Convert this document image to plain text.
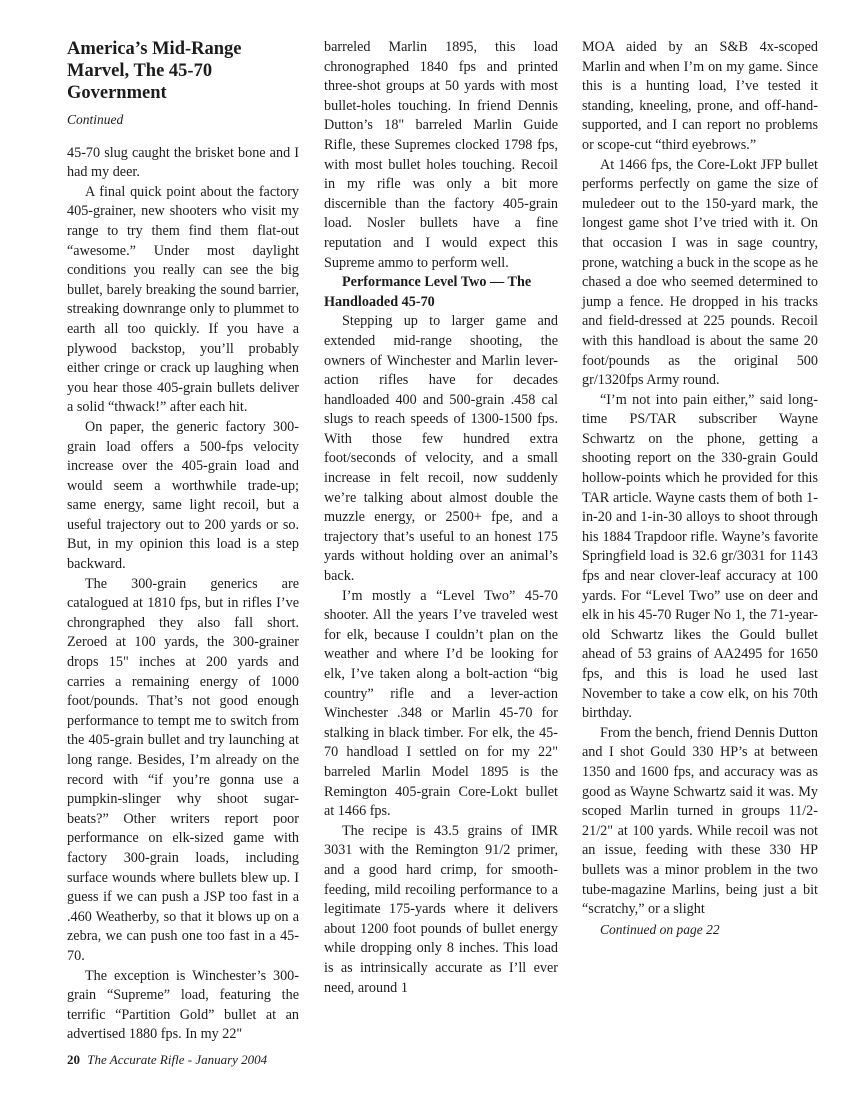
America’s Mid-Range Marvel, The 45-70 Government
Continued

45-70 slug caught the brisket bone and I had my deer.

A final quick point about the factory 405-grainer, new shooters who visit my range to try them find them flat-out “awesome.” Under most daylight conditions you really can see the big bullet, barely breaking the sound barrier, streaking downrange only to plummet to earth all too quickly. If you have a plywood backstop, you’ll probably either cringe or crack up laughing when you hear those 405-grain bullets deliver a solid “thwack!” after each hit.

On paper, the generic factory 300-grain load offers a 500-fps velocity increase over the 405-grain load and would seem a worthwhile trade-up; same energy, same light recoil, but a useful trajectory out to 200 yards or so. But, in my opinion this load is a step backward.

The 300-grain generics are catalogued at 1810 fps, but in rifles I’ve chrongraphed they also fall short. Zeroed at 100 yards, the 300-grainer drops 15" inches at 200 yards and carries a remaining energy of 1000 foot/pounds. That’s not good enough performance to tempt me to switch from the 405-grain bullet and try launching at long range. Besides, I’m already on the record with “if you’re gonna use a pumpkin-slinger why shoot sugar-beats?” Other writers report poor performance on elk-sized game with factory 300-grain loads, including surface wounds where bullets blew up. I guess if we can push a JSP too fast in a .460 Weatherby, so that it blows up on a zebra, we can push one too fast in a 45-70.

The exception is Winchester’s 300-grain “Supreme” load, featuring the terrific “Partition Gold” bullet at an advertised 1880 fps. In my 22"

barreled Marlin 1895, this load chronographed 1840 fps and printed three-shot groups at 50 yards with most bullet-holes touching. In friend Dennis Dutton’s 18" barreled Marlin Guide Rifle, these Supremes clocked 1798 fps, with most bullet holes touching. Recoil in my rifle was only a bit more discernible than the factory 405-grain load. Nosler bullets have a fine reputation and I would expect this Supreme ammo to perform well.

Performance Level Two — The Handloaded 45-70

Stepping up to larger game and extended mid-range shooting, the owners of Winchester and Marlin lever-action rifles have for decades handloaded 400 and 500-grain .458 cal slugs to reach speeds of 1300-1500 fps. With those few hundred extra foot/seconds of velocity, and a small increase in felt recoil, now suddenly we’re talking about almost double the muzzle energy, or 2500+ fpe, and a trajectory that’s useful to an honest 175 yards without holding over an animal’s back.

I’m mostly a “Level Two” 45-70 shooter. All the years I’ve traveled west for elk, because I couldn’t plan on the weather and where I’d be looking for elk, I’ve taken along a bolt-action “big country” rifle and a lever-action Winchester .348 or Marlin 45-70 for stalking in black timber. For elk, the 45-70 handload I settled on for my 22" barreled Marlin Model 1895 is the Remington 405-grain Core-Lokt bullet at 1466 fps.

The recipe is 43.5 grains of IMR 3031 with the Remington 91/2 primer, and a good hard crimp, for smooth-feeding, mild recoiling performance to a legitimate 175-yards where it delivers about 1200 foot pounds of bullet energy while dropping only 8 inches. This load is as intrinsically accurate as I’ll ever need, around 1

MOA aided by an S&B 4x-scoped Marlin and when I’m on my game. Since this is a hunting load, I’ve tested it standing, kneeling, prone, and off-hand-supported, and I can report no problems or scope-cut “third eyebrows.”

At 1466 fps, the Core-Lokt JFP bullet performs perfectly on game the size of muledeer out to the 150-yard mark, the longest game shot I’ve tried with it. On that occasion I was in sage country, prone, watching a buck in the scope as he chased a doe who seemed determined to jump a fence. He dropped in his tracks and field-dressed at 225 pounds. Recoil with this handload is about the same 20 foot/pounds as the original 500 gr/1320fps Army round.

“I’m not into pain either,” said long-time PS/TAR subscriber Wayne Schwartz on the phone, getting a shooting report on the 330-grain Gould hollow-points which he provided for this TAR article. Wayne casts them of both 1-in-20 and 1-in-30 alloys to shoot through his 1884 Trapdoor rifle. Wayne’s favorite Springfield load is 32.6 gr/3031 for 1143 fps and near clover-leaf accuracy at 100 yards. For “Level Two” use on deer and elk in his 45-70 Ruger No 1, the 71-year-old Schwartz likes the Gould bullet ahead of 53 grains of AA2495 for 1650 fps, and this is load he used last November to take a cow elk, on his 70th birthday.

From the bench, friend Dennis Dutton and I shot Gould 330 HP’s at between 1350 and 1600 fps, and accuracy was as good as Wayne Schwartz said it was. My scoped Marlin turned in groups 11/2-21/2" at 100 yards. While recoil was not an issue, feeding with these 330 HP bullets was a minor problem in the two tube-magazine Marlins, being just a bit “scratchy,” or a slight

Continued on page 22

20 The Accurate Rifle - January 2004
